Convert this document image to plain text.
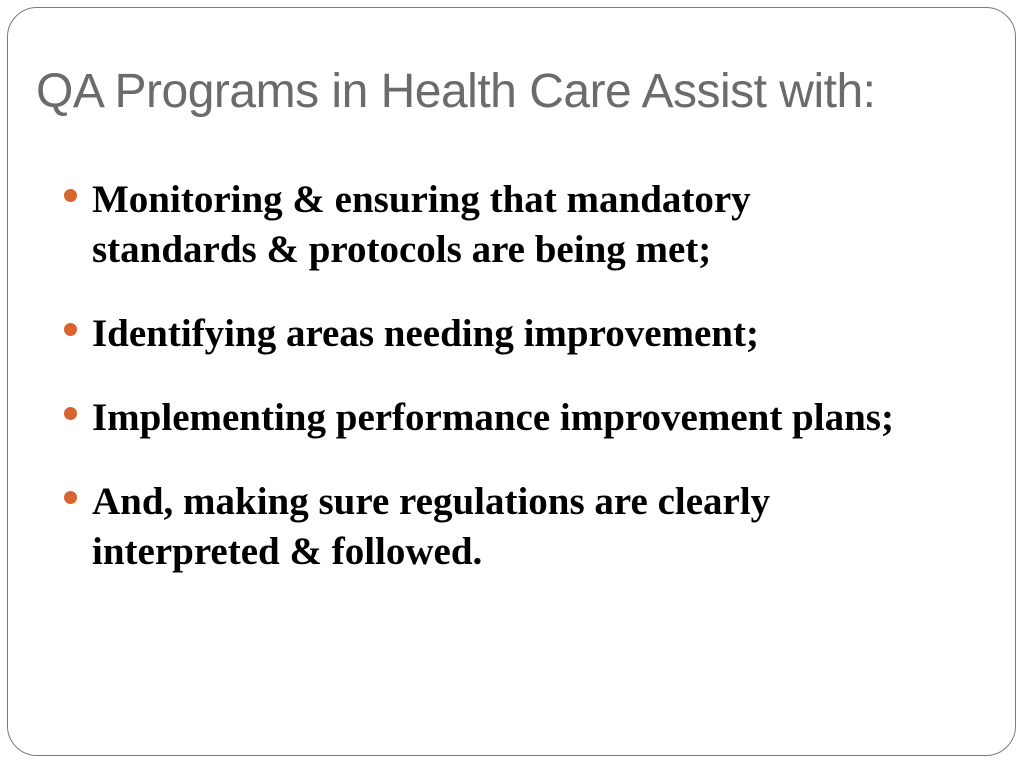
QA Programs in Health Care Assist with:
Monitoring & ensuring that mandatory standards & protocols are being met;
Identifying areas needing improvement;
Implementing performance improvement plans;
And, making sure regulations are clearly interpreted & followed.
